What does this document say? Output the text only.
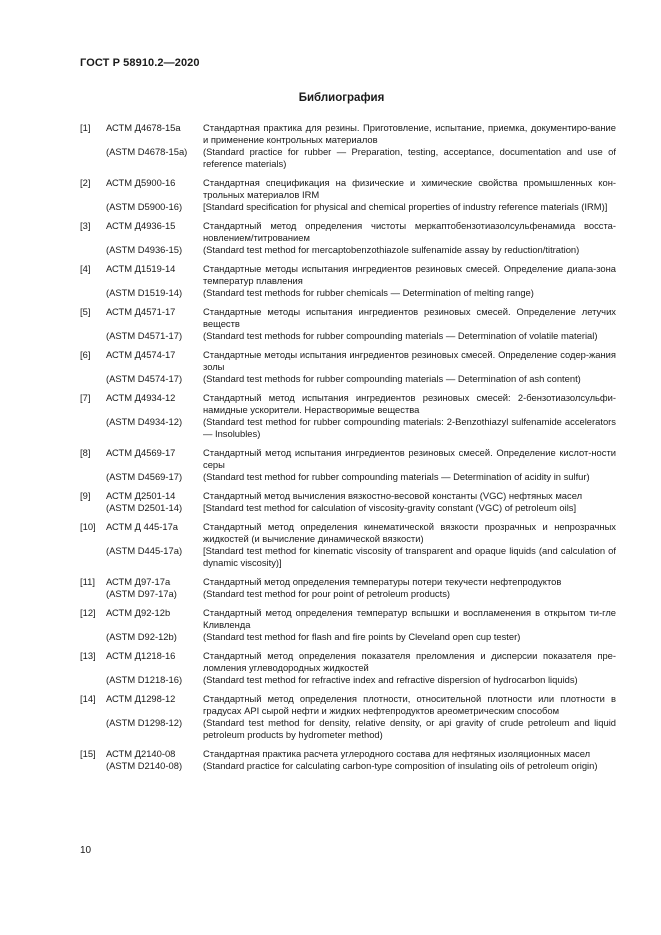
ГОСТ Р 58910.2—2020
Библиография
[1]	АСТМ Д4678-15а	Стандартная практика для резины. Приготовление, испытание, приемка, документиро-вание и применение контрольных материалов
(ASTM D4678-15a)	(Standard practice for rubber — Preparation, testing, acceptance, documentation and use of reference materials)
[2]	АСТМ Д5900-16	Стандартная спецификация на физические и химические свойства промышленных кон-трольных материалов IRM
(ASTM D5900-16)	[Standard specification for physical and chemical properties of industry reference materials (IRM)]
[3]	АСТМ Д4936-15	Стандартный метод определения чистоты меркаптобензотиазолсульфенамида восста-новлением/титрованием
(ASTM D4936-15)	(Standard test method for mercaptobenzothiazole sulfenamide assay by reduction/titration)
[4]	АСТМ Д1519-14	Стандартные методы испытания ингредиентов резиновых смесей. Определение диапа-зона температур плавления
(ASTM D1519-14)	(Standard test methods for rubber chemicals — Determination of melting range)
[5]	АСТМ Д4571-17	Стандартные методы испытания ингредиентов резиновых смесей. Определение летучих веществ
(ASTM D4571-17)	(Standard test methods for rubber compounding materials — Determination of volatile material)
[6]	АСТМ Д4574-17	Стандартные методы испытания ингредиентов резиновых смесей. Определение содер-жания золы
(ASTM D4574-17)	(Standard test methods for rubber compounding materials — Determination of ash content)
[7]	АСТМ Д4934-12	Стандартный метод испытания ингредиентов резиновых смесей: 2-бензотиазолсульфи-намидные ускорители. Нерастворимые вещества
(ASTM D4934-12)	(Standard test method for rubber compounding materials: 2-Benzothiazyl sulfenamide accelerators — Insolubles)
[8]	АСТМ Д4569-17	Стандартный метод испытания ингредиентов резиновых смесей. Определение кислот-ности серы
(ASTM D4569-17)	(Standard test method for rubber compounding materials — Determination of acidity in sulfur)
[9]	АСТМ Д2501-14	Стандартный метод вычисления вязкостно-весовой константы (VGC) нефтяных масел
(ASTM D2501-14)	[Standard test method for calculation of viscosity-gravity constant (VGC) of petroleum oils]
[10]	АСТМ Д 445-17а	Стандартный метод определения кинематической вязкости прозрачных и непрозрачных жидкостей (и вычисление динамической вязкости)
(ASTM D445-17a)	[Standard test method for kinematic viscosity of transparent and opaque liquids (and calculation of dynamic viscosity)]
[11]	АСТМ Д97-17а	Стандартный метод определения температуры потери текучести нефтепродуктов
(ASTM D97-17a)	(Standard test method for pour point of petroleum products)
[12]	АСТМ Д92-12b	Стандартный метод определения температур вспышки и воспламенения в открытом ти-гле Кливленда
(ASTM D92-12b)	(Standard test method for flash and fire points by Cleveland open cup tester)
[13]	АСТМ Д1218-16	Стандартный метод определения показателя преломления и дисперсии показателя пре-ломления углеводородных жидкостей
(ASTM D1218-16)	(Standard test method for refractive index and refractive dispersion of hydrocarbon liquids)
[14]	АСТМ Д1298-12	Стандартный метод определения плотности, относительной плотности или плотности в градусах API сырой нефти и жидких нефтепродуктов ареометрическим способом
(ASTM D1298-12)	(Standard test method for density, relative density, or api gravity of crude petroleum and liquid petroleum products by hydrometer method)
[15]	АСТМ Д2140-08	Стандартная практика расчета углеродного состава для нефтяных изоляционных масел
(ASTM D2140-08)	(Standard practice for calculating carbon-type composition of insulating oils of petroleum origin)
10
